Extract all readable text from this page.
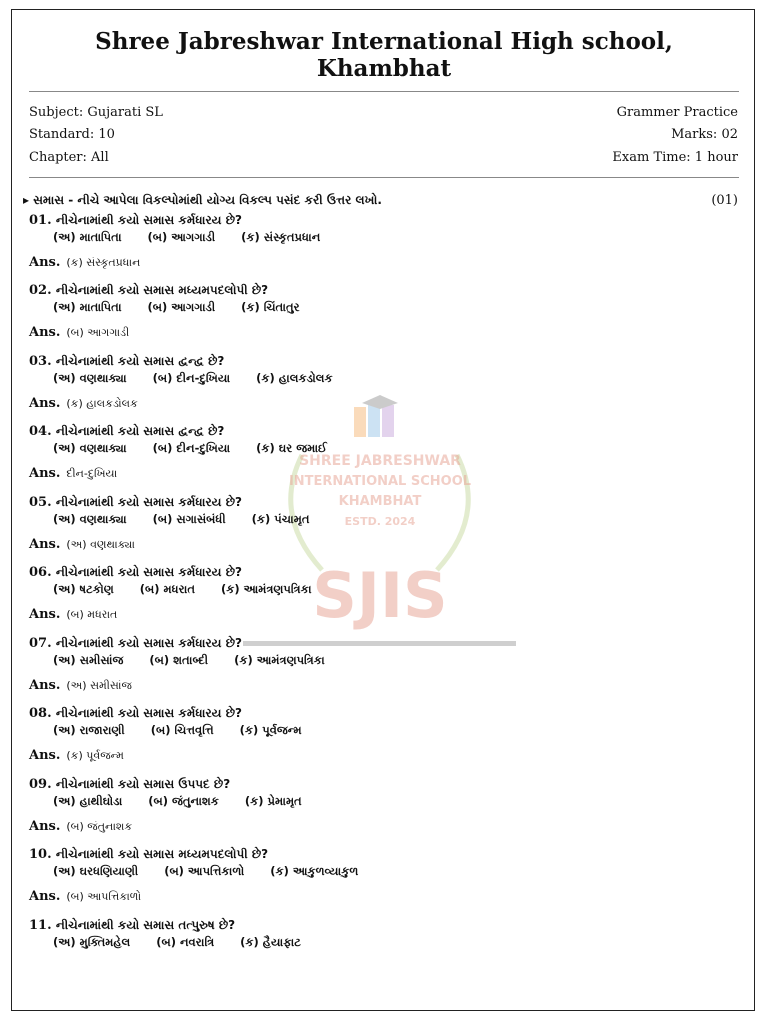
Shree Jabreshwar International High school,
Khambhat
Subject: Gujarati SL
Standard: 10
Chapter: All
Grammer Practice
Marks: 02
Exam Time: 1 hour
▸ સમાસ - નીચે આપેલા વિકલ્પોમાંથી યોગ્ય વિકલ્પ પસંદ કરી ઉત્તર લખો.	(01)
SHREE JABRESHWAR
INTERNATIONAL SCHOOL
KHAMBHAT
ESTD. 2024
SJIS
01. નીચેનામાંથી કયો સમાસ કર્મધારય છે?
(અ) માતાપિતા (બ) આગગાડી (ક) સંસ્કૃતપ્રધાન
Ans. (ક) સંસ્કૃતપ્રધાન
02. નીચેનામાંથી કયો સમાસ મધ્યમપદલોપી છે?
(અ) માતાપિતા (બ) આગગાડી (ક) ચિંતાતુર
Ans. (બ) આગગાડી
03. નીચેનામાંથી કયો સમાસ દ્વન્દ્વ છે?
(અ) વણથાક્યા (બ) દીન-દુખિયા (ક) હાલકડોલક
Ans. (ક) હાલકડોલક
04. નીચેનામાંથી કયો સમાસ દ્વન્દ્વ છે?
(અ) વણથાક્યા (બ) દીન-દુખિયા (ક) ઘર જમાઈ
Ans. દીન-દુખિયા
05. નીચેનામાંથી કયો સમાસ કર્મધારય છે?
(અ) વણથાક્યા (બ) સગાસંબંધી (ક) પંચામૃત
Ans. (અ) વણથાક્યા
06. નીચેનામાંથી કયો સમાસ કર્મધારય છે?
(અ) ષટકોણ (બ) મધરાત (ક) આમંત્રણપત્રિકા
Ans. (બ) મધરાત
07. નીચેનામાંથી કયો સમાસ કર્મધારય છે?
(અ) સમીસાંજ (બ) શતાબ્દી (ક) આમંત્રણપત્રિકા
Ans. (અ) સમીસાંજ
08. નીચેનામાંથી કયો સમાસ કર્મધારય છે?
(અ) રાજારાણી (બ) ચિત્તવૃત્તિ (ક) પૂર્વજન્મ
Ans. (ક) પૂર્વજન્મ
09. નીચેનામાંથી કયો સમાસ ઉપપદ છે?
(અ) હાથીઘોડા (બ) જંતુનાશક (ક) પ્રેમામૃત
Ans. (બ) જંતુનાશક
10. નીચેનામાંથી કયો સમાસ મધ્યમપદલોપી છે?
(અ) ઘરધણિયાણી (બ) આપત્તિકાળો (ક) આકુળવ્યાકુળ
Ans. (બ) આપત્તિકાળો
11. નીચેનામાંથી કયો સમાસ તત્પુરુષ છે?
(અ) મુક્તિમહેલ (બ) નવરાત્રિ (ક) હૈયાફાટ
